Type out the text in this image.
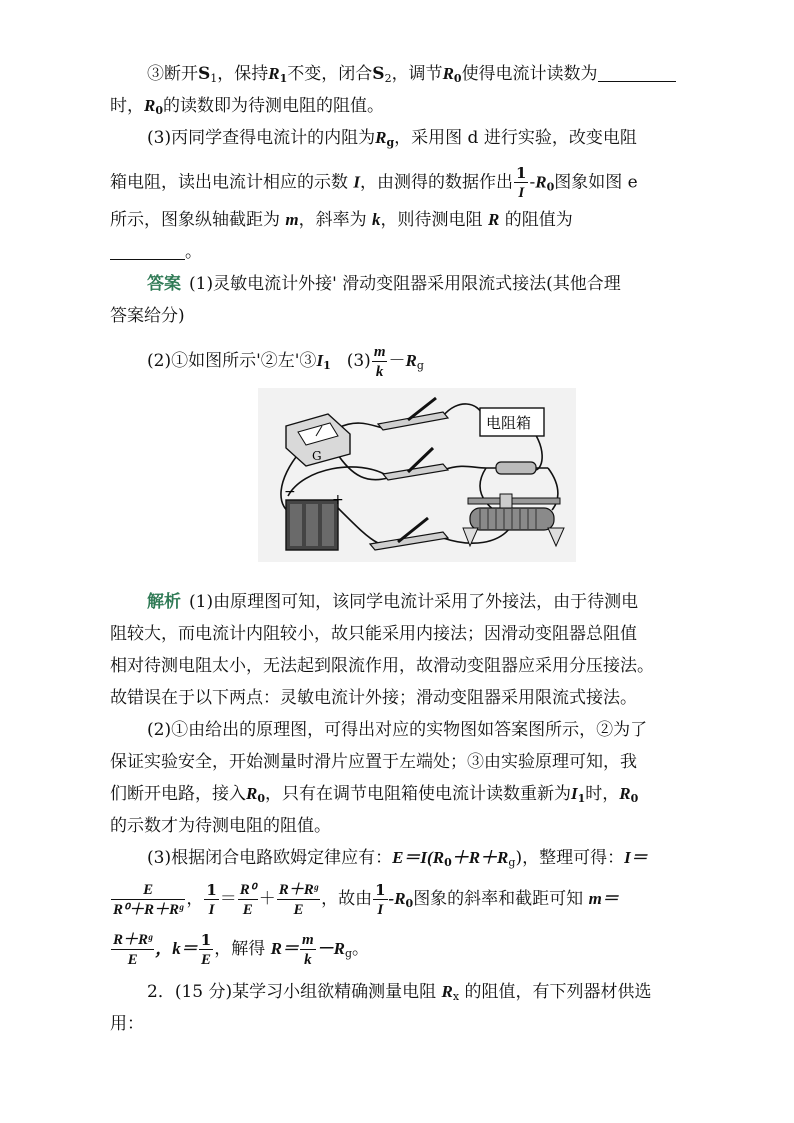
③断开$S_1$，保持$R_1$不变，闭合$S_2$，调节$R_0$使得电流计读数为
时，$R_0$的读数即为待测电阻的阻值。
(3)丙同学查得电流计的内阻为$R_g$，采用图 d 进行实验，改变电阻
箱电阻，读出电流计相应的示数 I，由测得的数据作出 $\frac{1}{I} -R_0$图象如图 e
所示，图象纵轴截距为 m，斜率为 k，则待测电阻 R 的阻值为
。
答案 (1)灵敏电流计外接' 滑动变阻器采用限流式接法(其他合理
答案给分)
(2)①如图所示'②左'$③I_1$ $(3) \frac{m}{k} -R_g$
G
电阻箱
−	+
解析 (1)由原理图可知，该同学电流计采用了外接法，由于待测电
阻较大，而电流计内阻较小，故只能采用内接法；因滑动变阻器总阻值
相对待测电阻太小，无法起到限流作用，故滑动变阻器应采用分压接法。
故错误在于以下两点：灵敏电流计外接；滑动变阻器采用限流式接法。
(2)①由给出的原理图，可得出对应的实物图如答案图所示，②为了
保证实验安全，开始测量时滑片应置于左端处；③由实验原理可知，我
们断开电路，接入$R_0$，只有在调节电阻箱使电流计读数重新为$I_1$时，$R_0$
的示数才为待测电阻的阻值。
(3)根据闭合电路欧姆定律应有：$E=I(R_0+R+R_g)$，整理可得：I＝
$\frac{E}{\text{R⁰＋R＋Rᵍ}}$ ， $\frac{1}{I} = \frac{\text{R⁰}}{E} + \frac{\text{R＋Rᵍ}}{E}$ ，故由 $\frac{1}{I} -R_0$图象的斜率和截距可知 m＝
$\frac{\text{R＋Rᵍ}}{E}$ ，$k= \frac{1}{E}$ ，解得 $R= \frac{m}{k} -R_g$。
2．(15 分)某学习小组欲精确测量电阻 $R_x$ 的阻值，有下列器材供选
用：
